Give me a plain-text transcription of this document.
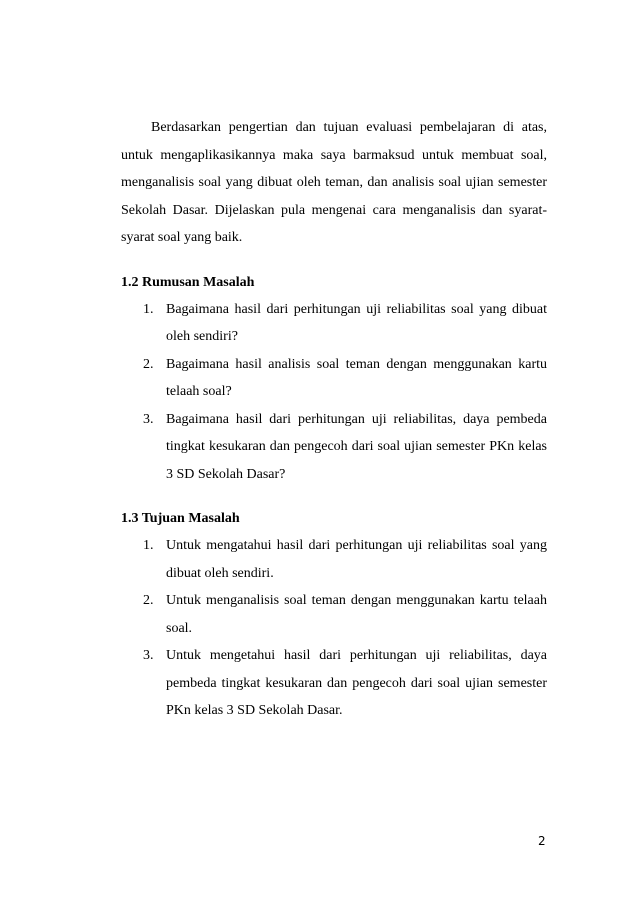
Berdasarkan pengertian dan tujuan evaluasi pembelajaran di atas, untuk mengaplikasikannya maka saya barmaksud untuk membuat soal, menganalisis soal yang dibuat oleh teman, dan analisis soal ujian semester Sekolah Dasar. Dijelaskan pula mengenai cara menganalisis dan syarat-syarat soal yang baik.

1.2 Rumusan Masalah
1. Bagaimana hasil dari perhitungan uji reliabilitas soal yang dibuat oleh sendiri?
2. Bagaimana hasil analisis soal teman dengan menggunakan kartu telaah soal?
3. Bagaimana hasil dari perhitungan uji reliabilitas, daya pembeda tingkat kesukaran dan pengecoh dari soal ujian semester PKn kelas 3 SD Sekolah Dasar?
1.3 Tujuan Masalah
1. Untuk mengatahui hasil dari perhitungan uji reliabilitas soal yang dibuat oleh sendiri.
2. Untuk menganalisis soal teman dengan menggunakan kartu telaah soal.
3. Untuk mengetahui hasil dari perhitungan uji reliabilitas, daya pembeda tingkat kesukaran dan pengecoh dari soal ujian semester PKn kelas 3 SD Sekolah Dasar.
2
